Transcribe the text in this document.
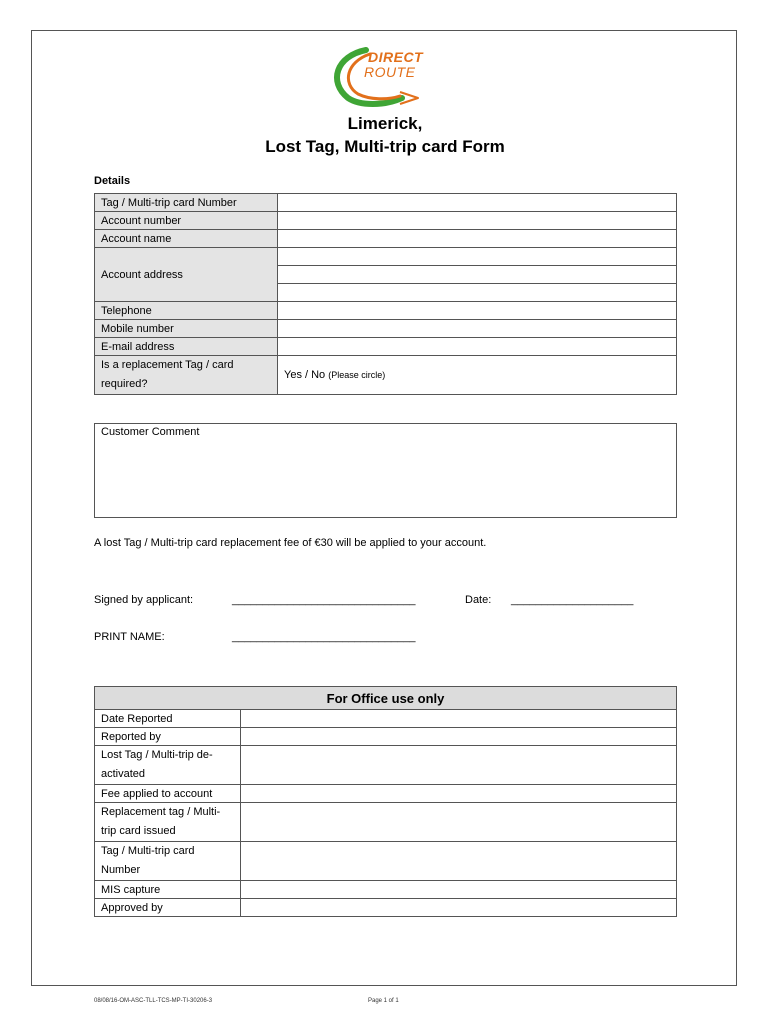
DIRECT
ROUTE
Limerick,
Lost Tag, Multi-trip card Form
Details
Tag / Multi-trip card Number	
Account number	
Account name	
Account address	

Telephone	
Mobile number	
E-mail address	
Is a replacement Tag / card required?	Yes / No (Please circle)
Customer Comment
A lost Tag / Multi-trip card replacement fee of €30 will be applied to your account.
Signed by applicant:	______________________________	Date: ____________________
PRINT NAME:	______________________________
For Office use only	
Date Reported	
Reported by	
Lost Tag / Multi-trip de-activated	
Fee applied to account	
Replacement tag / Multi-trip card issued	
Tag / Multi-trip card Number	
MIS capture	
Approved by	
08/08/16-OM-ASC-TLL-TCS-MP-TI-30206-3	Page 1 of 1
